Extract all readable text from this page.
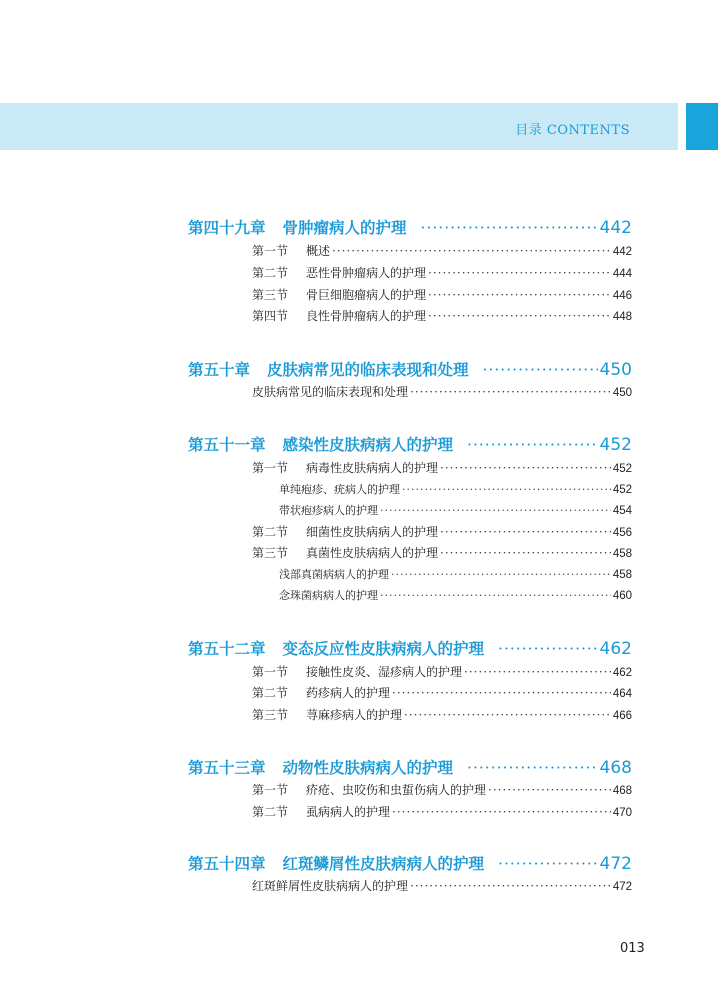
目录 CONTENTS
第四十九章 骨肿瘤病人的护理 ·····	442
第一节	概述 ·····	442
第二节	恶性骨肿瘤病人的护理 ·····	444
第三节	骨巨细胞瘤病人的护理 ·····	446
第四节	良性骨肿瘤病人的护理 ·····	448
第五十章 皮肤病常见的临床表现和处理 ·····	450
皮肤病常见的临床表现和处理 ·····	450
第五十一章 感染性皮肤病病人的护理 ·····	452
第一节	病毒性皮肤病病人的护理 ·····	452
单纯疱疹、疣病人的护理 ·····	452
带状疱疹病人的护理 ·····	454
第二节	细菌性皮肤病病人的护理 ·····	456
第三节	真菌性皮肤病病人的护理 ·····	458
浅部真菌病病人的护理 ·····	458
念珠菌病病人的护理 ·····	460
第五十二章 变态反应性皮肤病病人的护理 ·····	462
第一节	接触性皮炎、湿疹病人的护理 ·····	462
第二节	药疹病人的护理 ·····	464
第三节	荨麻疹病人的护理 ·····	466
第五十三章 动物性皮肤病病人的护理 ·····	468
第一节	疥疮、虫咬伤和虫蜇伤病人的护理 ·····	468
第二节	虱病病人的护理 ·····	470
第五十四章 红斑鳞屑性皮肤病病人的护理 ·····	472
红斑鲜屑性皮肤病病人的护理 ·····	472
013
